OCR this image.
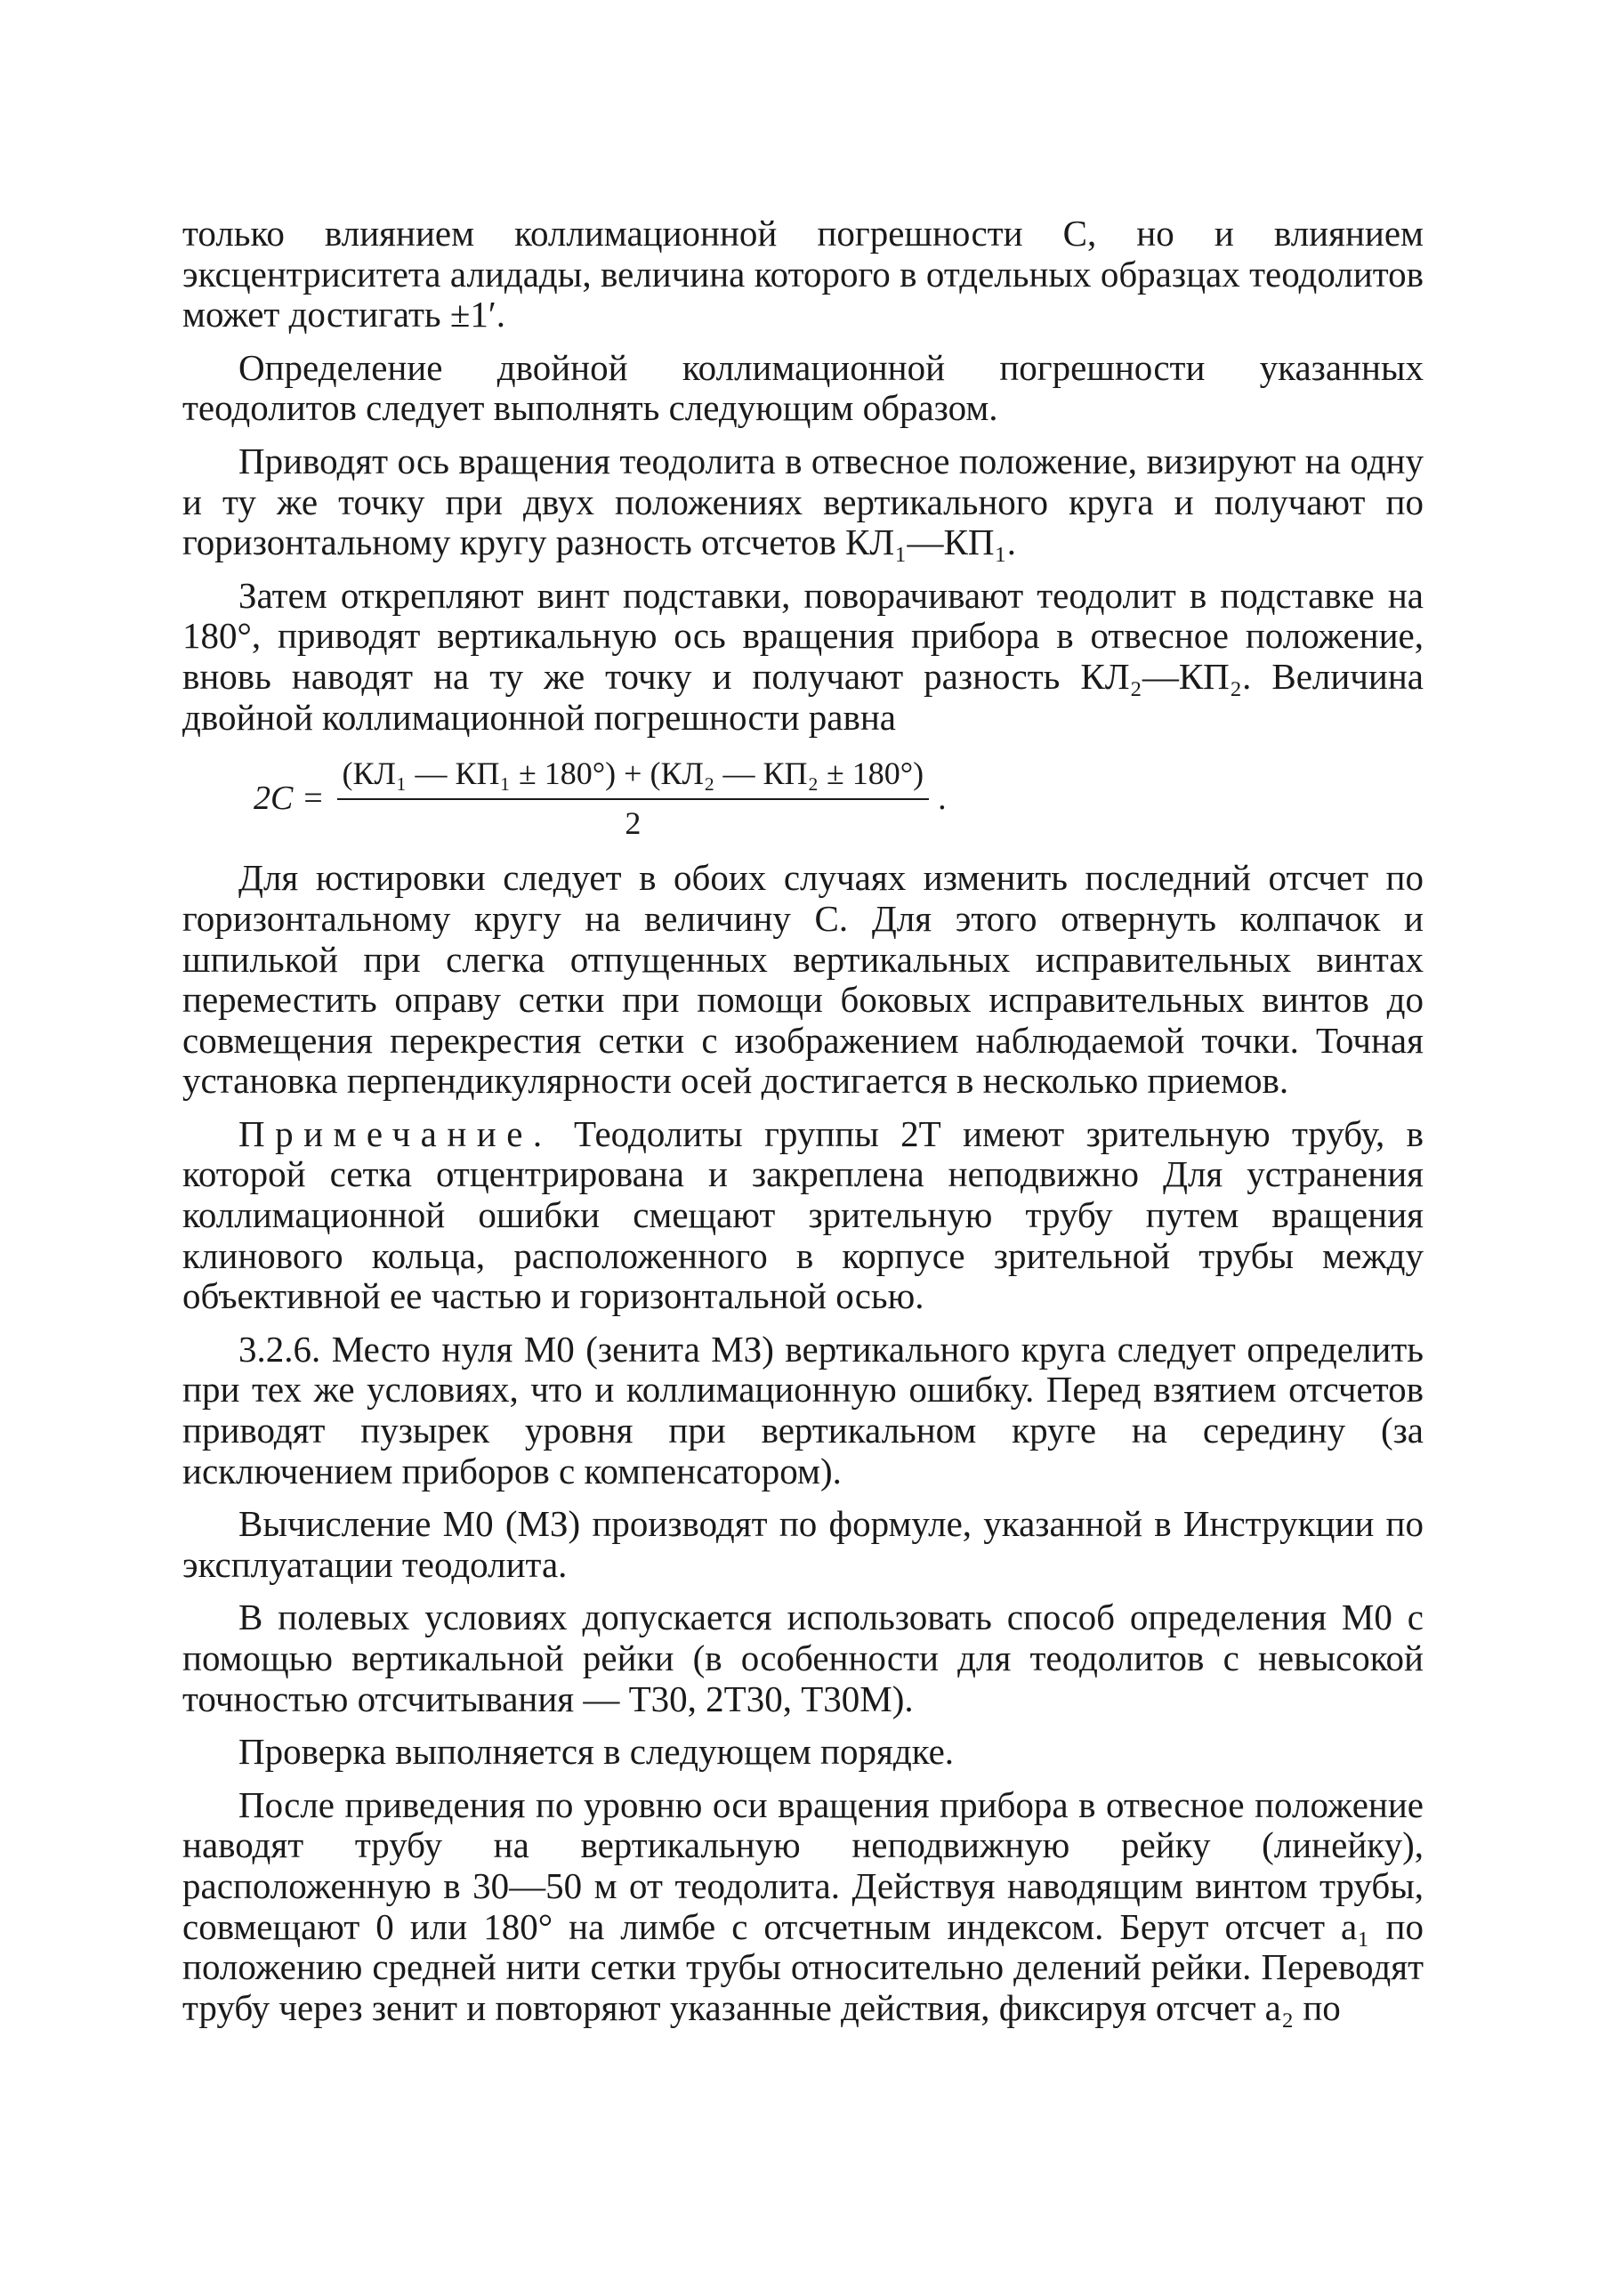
только влиянием коллимационной погрешности С, но и влиянием эксцентриситета алидады, величина которого в отдельных образцах теодолитов может достигать ±1′.

Определение двойной коллимационной погрешности указанных теодолитов следует выполнять следующим образом.

Приводят ось вращения теодолита в отвесное положение, визируют на одну и ту же точку при двух положениях вертикального круга и получают по горизонтальному кругу разность отсчетов КЛ₁—КП₁.

Затем открепляют винт подставки, поворачивают теодолит в подставке на 180°, приводят вертикальную ось вращения прибора в отвесное положение, вновь наводят на ту же точку и получают разность КЛ₂—КП₂. Величина двойной коллимационной погрешности равна

$2C = \frac{\text{(КЛ₁ — КП₁ ± 180°) + (КЛ₂ — КП₂ ± 180°)}}{2}$ .

Для юстировки следует в обоих случаях изменить последний отсчет по горизонтальному кругу на величину С. Для этого отвернуть колпачок и шпилькой при слегка отпущенных вертикальных исправительных винтах переместить оправу сетки при помощи боковых исправительных винтов до совмещения перекрестия сетки с изображением наблюдаемой точки. Точная установка перпендикулярности осей достигается в несколько приемов.

Примечание. Теодолиты группы 2Т имеют зрительную трубу, в которой сетка отцентрирована и закреплена неподвижно Для устранения коллимационной ошибки смещают зрительную трубу путем вращения клинового кольца, расположенного в корпусе зрительной трубы между объективной ее частью и горизонтальной осью.

3.2.6. Место нуля М0 (зенита МЗ) вертикального круга следует определить при тех же условиях, что и коллимационную ошибку. Перед взятием отсчетов приводят пузырек уровня при вертикальном круге на середину (за исключением приборов с компенсатором).

Вычисление М0 (МЗ) производят по формуле, указанной в Инструкции по эксплуатации теодолита.

В полевых условиях допускается использовать способ определения М0 с помощью вертикальной рейки (в особенности для теодолитов с невысокой точностью отсчитывания — Т30, 2Т30, Т30М).

Проверка выполняется в следующем порядке.

После приведения по уровню оси вращения прибора в отвесное положение наводят трубу на вертикальную неподвижную рейку (линейку), расположенную в 30—50 м от теодолита. Действуя наводящим винтом трубы, совмещают 0 или 180° на лимбе с отсчетным индексом. Берут отсчет a₁ по положению средней нити сетки трубы относительно делений рейки. Переводят трубу через зенит и повторяют указанные действия, фиксируя отсчет a₂ по
